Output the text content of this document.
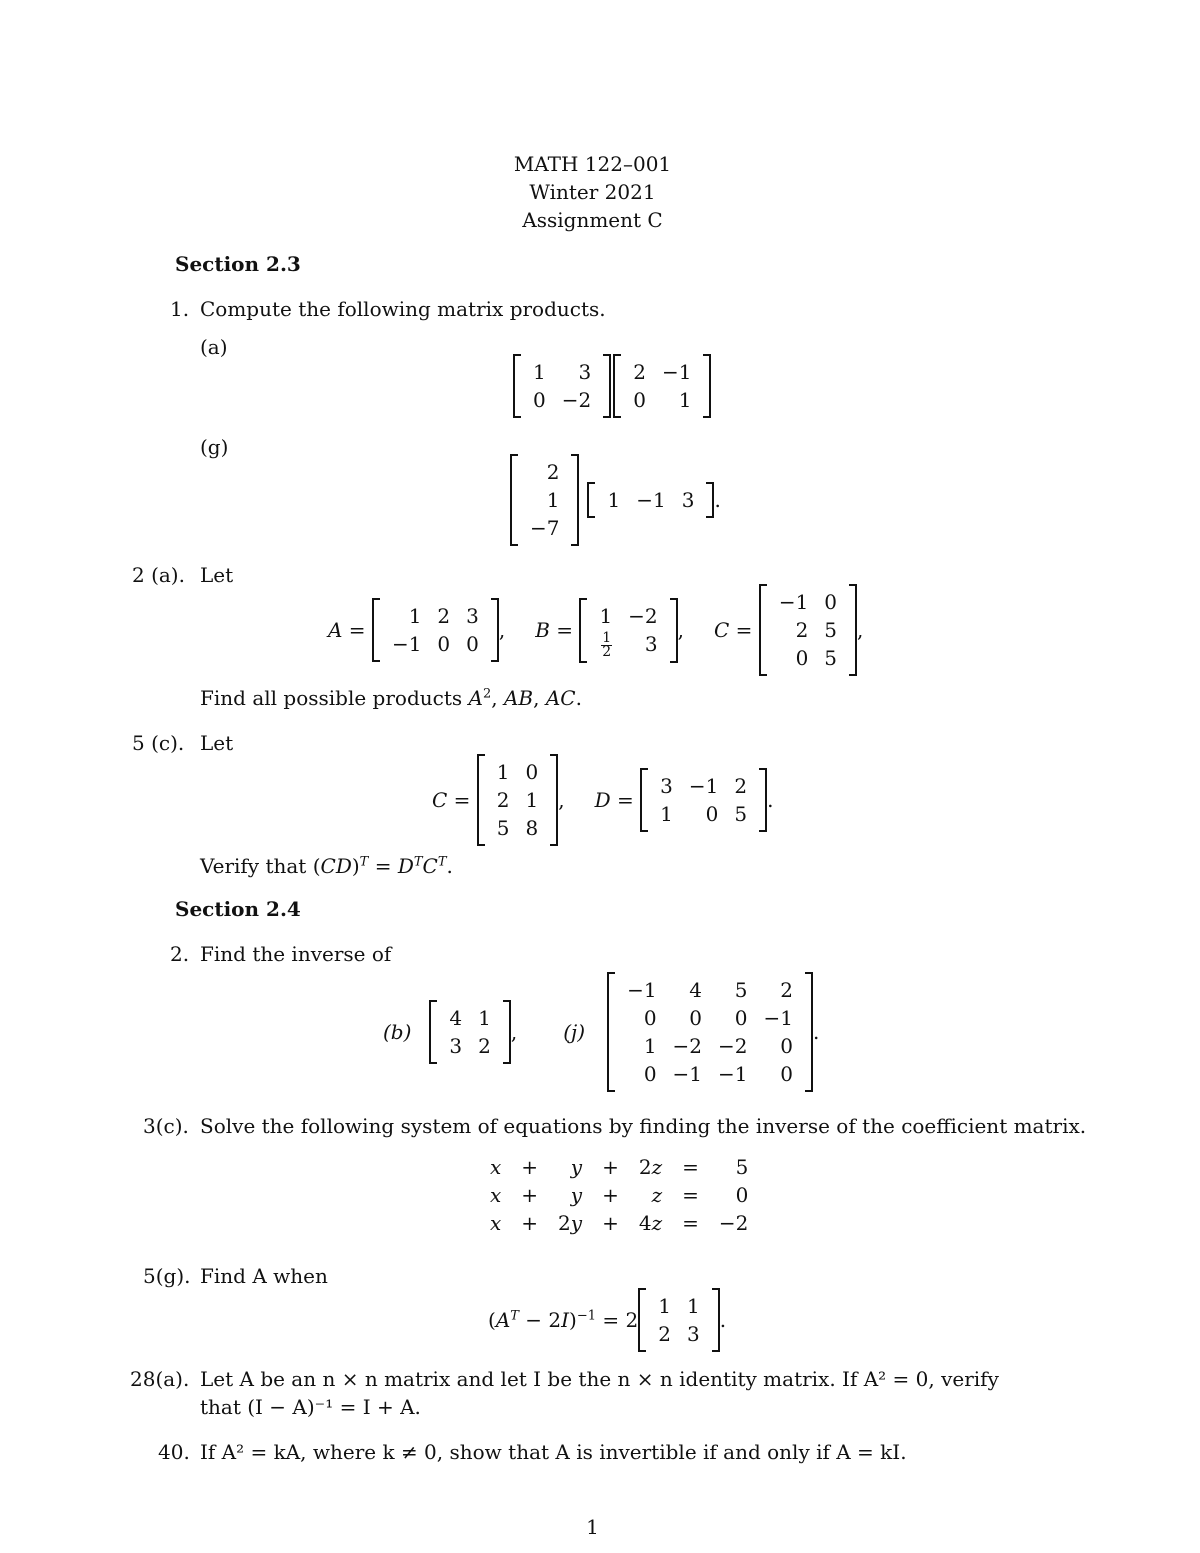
MATH 122–001
Winter 2021
Assignment C
Section 2.3
1. Compute the following matrix products.
(a)
1	3
0	−2
2	−1
0	1
(g)
2
1
−7
1	−1	3 .
2 (a). Let
A =
1	2	3
−1	0	0
, B =
1	−2

$\frac{1}{2}$	3
, C =
−1	0
2	5
0	5
,
Find all possible products $A^2$, AB, AC.
5 (c). Let
C =
1	0
2	1
5	8
, D =
3	−1	2
1	0	5
.
Verify that $(CD)^T = D^TC^T$.
Section 2.4
2. Find the inverse of
(b)
4	1
3	2
, (j)
−1	4	5	2
0	0	0	−1
1	−2	−2	0
0	−1	−1	0
.
3(c). Solve the following system of equations by finding the inverse of the coefficient matrix.
x	+	y	+	2z	=	5
x	+	y	+	z	=	0
x	+	2y	+	4z	=	−2
5(g). Find A when
$(A^T - 2I)^{-1} = 2$
1	1
2	3
.
28(a). Let A be an n × n matrix and let I be the n × n identity matrix. If A² = 0, verify
that (I − A)⁻¹ = I + A.
40. If A² = kA, where k ≠ 0, show that A is invertible if and only if A = kI.
1
